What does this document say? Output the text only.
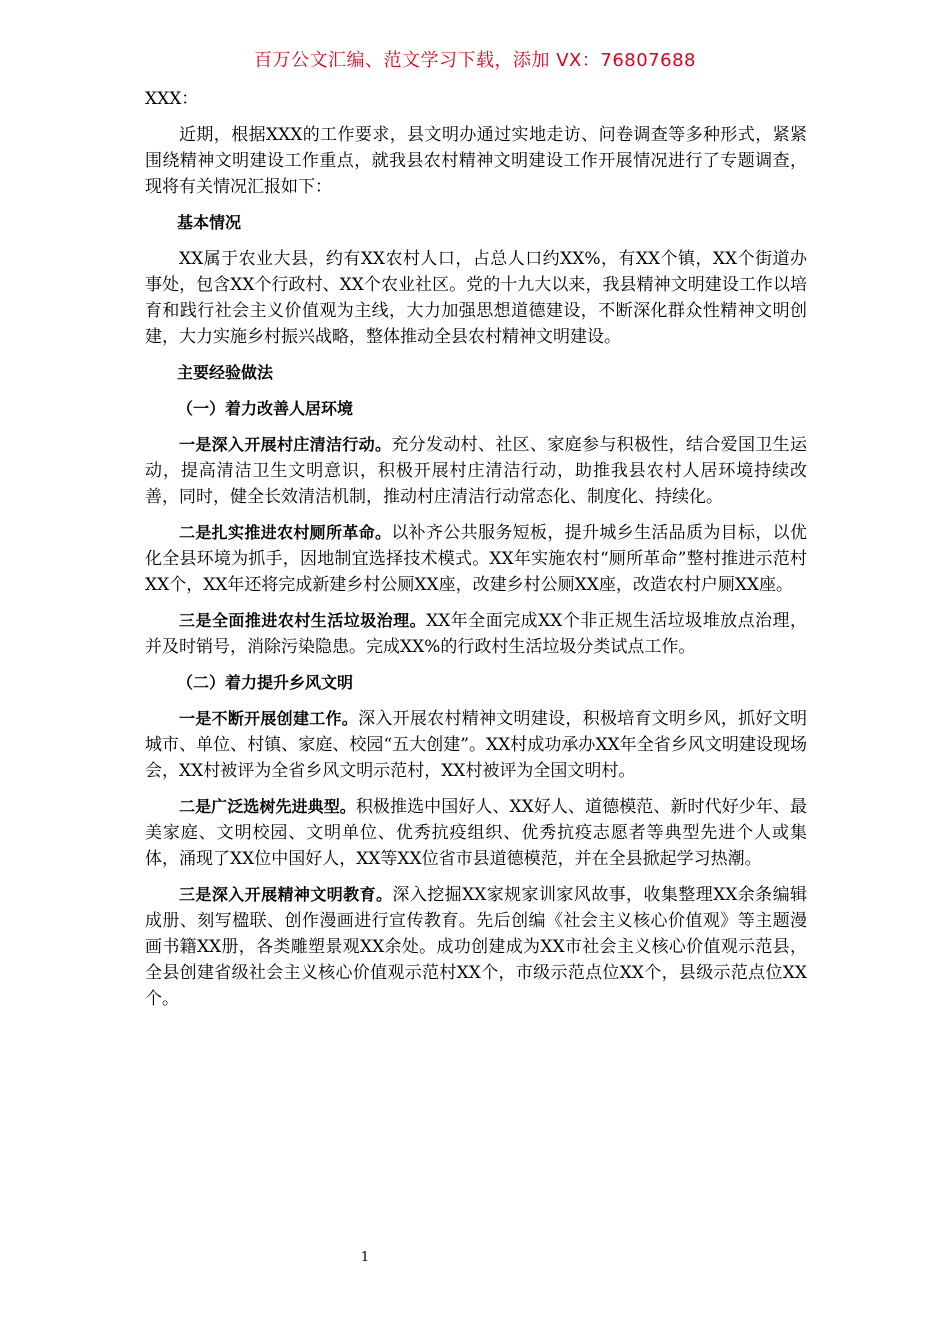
百万公文汇编、范文学习下载，添加 VX：76807688

XXX：

近期，根据XXX的工作要求，县文明办通过实地走访、问卷调查等多种形式，紧紧围绕精神文明建设工作重点，就我县农村精神文明建设工作开展情况进行了专题调查，现将有关情况汇报如下：

基本情况

XX属于农业大县，约有XX农村人口，占总人口约XX%，有XX个镇，XX个街道办事处，包含XX个行政村、XX个农业社区。党的十九大以来，我县精神文明建设工作以培育和践行社会主义价值观为主线，大力加强思想道德建设，不断深化群众性精神文明创建，大力实施乡村振兴战略，整体推动全县农村精神文明建设。

主要经验做法

（一）着力改善人居环境

一是深入开展村庄清洁行动。充分发动村、社区、家庭参与积极性，结合爱国卫生运动，提高清洁卫生文明意识，积极开展村庄清洁行动，助推我县农村人居环境持续改善，同时，健全长效清洁机制，推动村庄清洁行动常态化、制度化、持续化。

二是扎实推进农村厕所革命。以补齐公共服务短板，提升城乡生活品质为目标，以优化全县环境为抓手，因地制宜选择技术模式。XX年实施农村“厕所革命”整村推进示范村XX个，XX年还将完成新建乡村公厕XX座，改建乡村公厕XX座，改造农村户厕XX座。

三是全面推进农村生活垃圾治理。XX年全面完成XX个非正规生活垃圾堆放点治理，并及时销号，消除污染隐患。完成XX%的行政村生活垃圾分类试点工作。

（二）着力提升乡风文明

一是不断开展创建工作。深入开展农村精神文明建设，积极培育文明乡风，抓好文明城市、单位、村镇、家庭、校园“五大创建”。XX村成功承办XX年全省乡风文明建设现场会，XX村被评为全省乡风文明示范村，XX村被评为全国文明村。

二是广泛选树先进典型。积极推选中国好人、XX好人、道德模范、新时代好少年、最美家庭、文明校园、文明单位、优秀抗疫组织、优秀抗疫志愿者等典型先进个人或集体，涌现了XX位中国好人，XX等XX位省市县道德模范，并在全县掀起学习热潮。

三是深入开展精神文明教育。深入挖掘XX家规家训家风故事，收集整理XX余条编辑成册、刻写楹联、创作漫画进行宣传教育。先后创编《社会主义核心价值观》等主题漫画书籍XX册，各类雕塑景观XX余处。成功创建成为XX市社会主义核心价值观示范县，全县创建省级社会主义核心价值观示范村XX个，市级示范点位XX个，县级示范点位XX个。

1
